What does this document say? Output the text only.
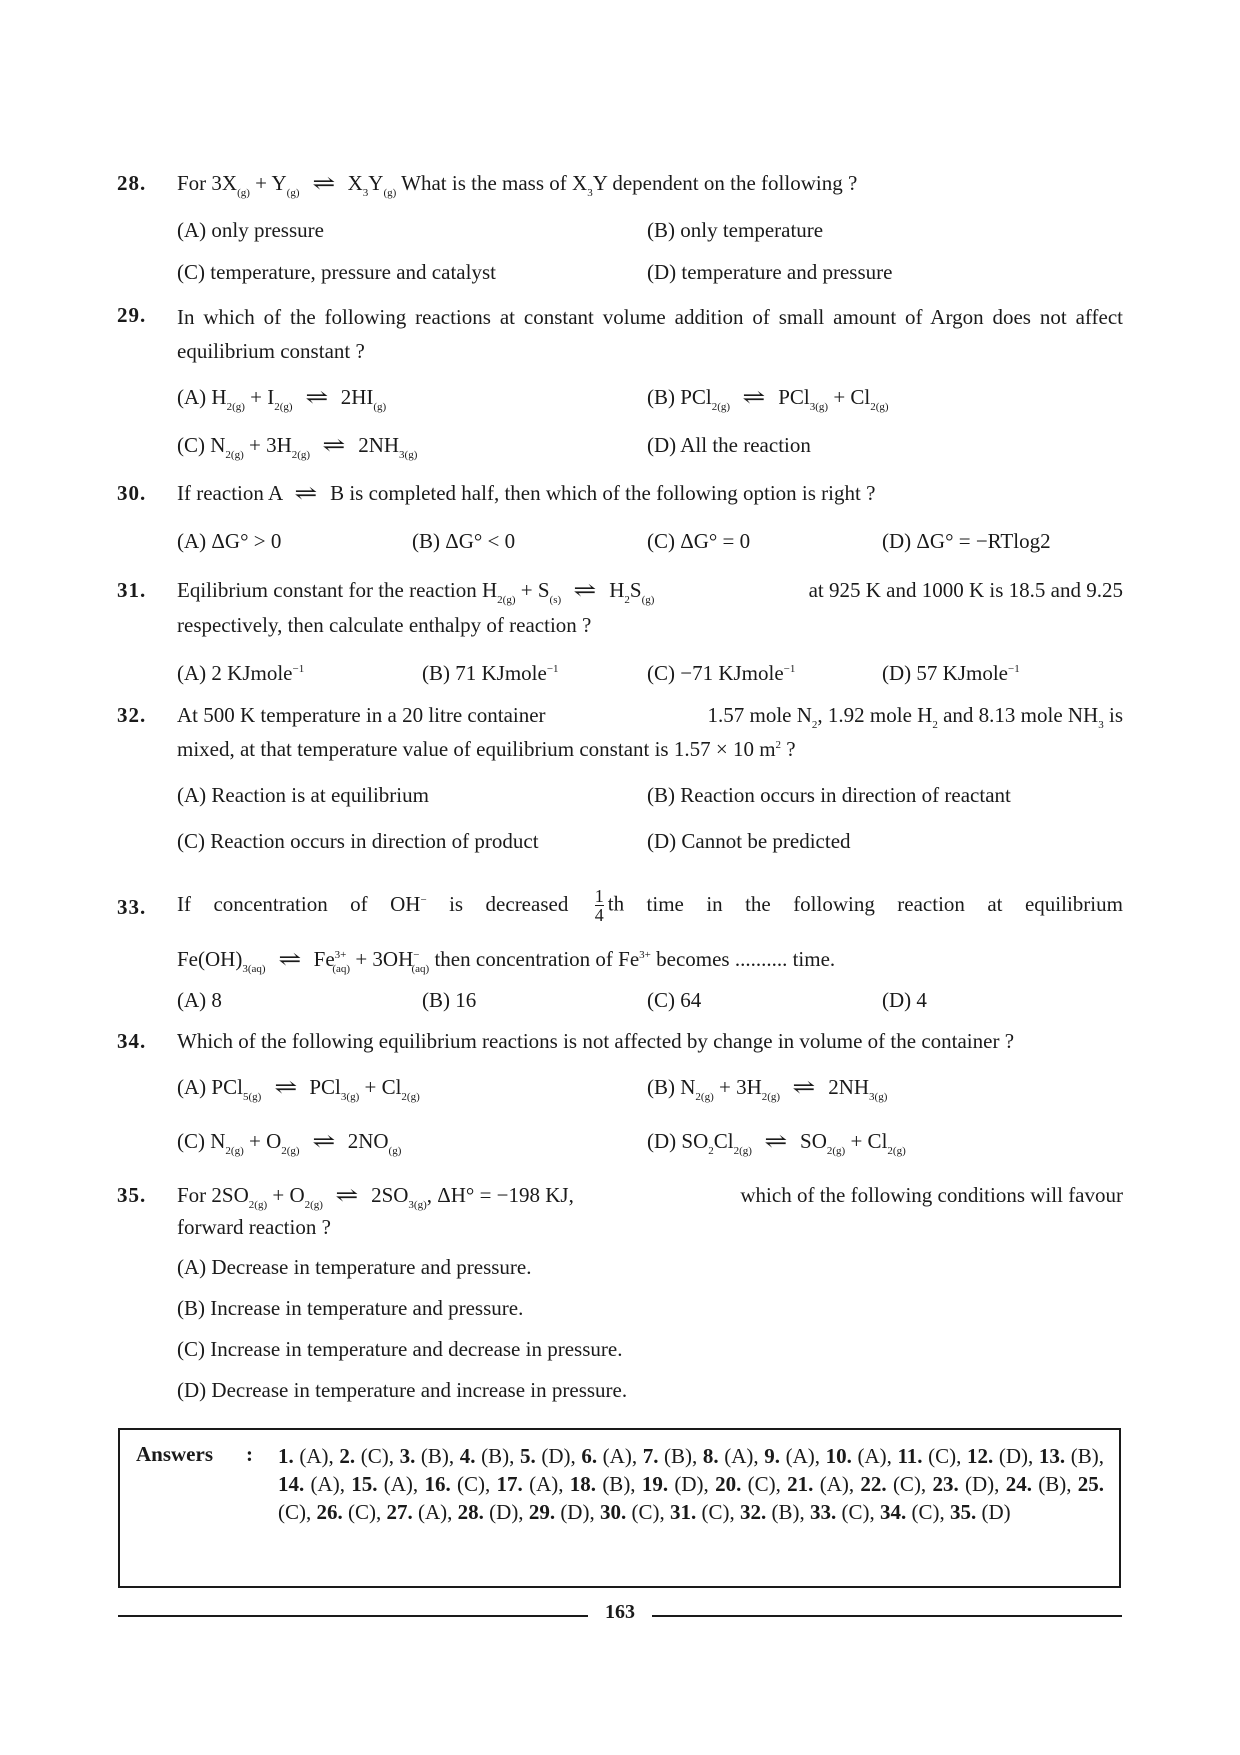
28. For $3X_{(g)} + Y_{(g)}$ ⇌ $X_3Y_{(g)}$ What is the mass of $X_3Y$ dependent on the following ?
(A) only pressure	(B) only temperature
(C) temperature, pressure and catalyst	(D) temperature and pressure
29. In which of the following reactions at constant volume addition of small amount of Argon does not affect equilibrium constant ?
(A) $H_{2(g)} + I_{2(g)}$ ⇌ $2HI_{(g)}$	(B) PCl$_{2(g)}$ ⇌ $PCl_{3(g)} + Cl_{2(g)}$
(C) $N_{2(g)} + 3H_{2(g)}$ ⇌ $2NH_{3(g)}$	(D) All the reaction
30. If reaction A ⇌ B is completed half, then which of the following option is right ?
(A) ΔG° > 0	(B) ΔG° < 0	(C) ΔG° = 0	(D) ΔG° = −RTlog2
31. Eqilibrium constant for the reaction $H_{2(g)} + S_{(s)}$ ⇌ $H_2S_{(g)}$	at 925 K and 1000 K is 18.5 and 9.25
respectively, then calculate enthalpy of reaction ?
(A) 2 KJmole$^{-1}$	(B) 71 KJmole$^{-1}$	(C) −71 KJmole$^{-1}$	(D) 57 KJmole$^{-1}$
32. At 500 K temperature in a 20 litre container	1.57 mole $N_2$, 1.92 mole $H_2$ and 8.13 mole $NH_3$ is
mixed, at that temperature value of equilibrium constant is 1.57 × 10 $m^2$ ?
(A) Reaction is at equilibrium	(B) Reaction occurs in direction of reactant
(C) Reaction occurs in direction of product	(D) Cannot be predicted
33. If concentration of OH− is decreased $\frac{1}{4}$ th time in the following reaction at equilibrium
$Fe(OH)_{3(aq)}$ ⇌ $Fe^{3+}_{(aq)} + 3OH^-_{(aq)}$ then concentration of $Fe^{3+}$ becomes .......... time.
(A) 8	(B) 16	(C) 64	(D) 4
34. Which of the following equilibrium reactions is not affected by change in volume of the container ?
(A) PCl$_{5(g)}$ ⇌ $PCl_{3(g)} + Cl_{2(g)}$	(B) $N_{2(g)} + 3H_{2(g)}$ ⇌ $2NH_{3(g)}$
(C) $N_{2(g)} + O_{2(g)}$ ⇌ $2NO_{(g)}$	(D) $SO_2Cl_{2(g)}$ ⇌ $SO_{2(g)} + Cl_{2(g)}$
35. For $2SO_{2(g)} + O_{2(g)}$ ⇌ $2SO_{3(g)}$, ΔH° = −198 KJ,	which of the following conditions will favour
forward reaction ?
(A) Decrease in temperature and pressure.
(B) Increase in temperature and pressure.
(C) Increase in temperature and decrease in pressure.
(D) Decrease in temperature and increase in pressure.
Answers : 1. (A), 2. (C), 3. (B), 4. (B), 5. (D), 6. (A), 7. (B), 8. (A), 9. (A), 10. (A), 11. (C), 12. (D), 13. (B), 14. (A), 15. (A), 16. (C), 17. (A), 18. (B), 19. (D), 20. (C), 21. (A), 22. (C), 23. (D), 24. (B), 25. (C), 26. (C), 27. (A), 28. (D), 29. (D), 30. (C), 31. (C), 32. (B), 33. (C), 34. (C), 35. (D)
163
